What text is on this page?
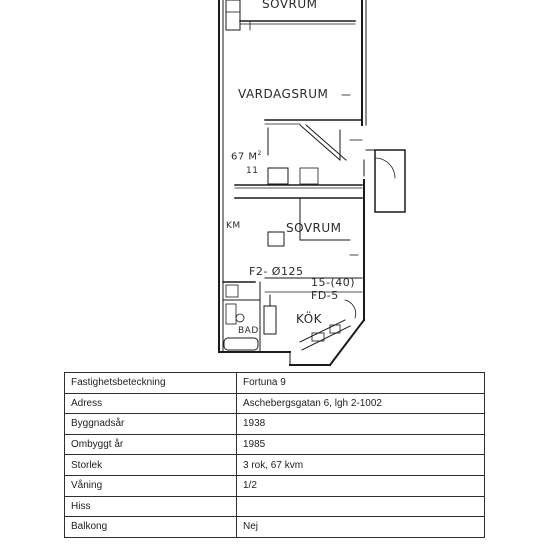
SOVRUM
VARDAGSRUM
67 $M^2$
11
KM	SOVRUM
F2- Ø125
15-(40)
FD-5
KÖK
BAD
Fastighetsbeteckning	Fortuna 9
Adress	Aschebergsgatan 6, lgh 2-1002
Byggnadsår	1938
Ombyggt år	1985
Storlek	3 rok, 67 kvm
Våning	1/2
Hiss	
Balkong	Nej
